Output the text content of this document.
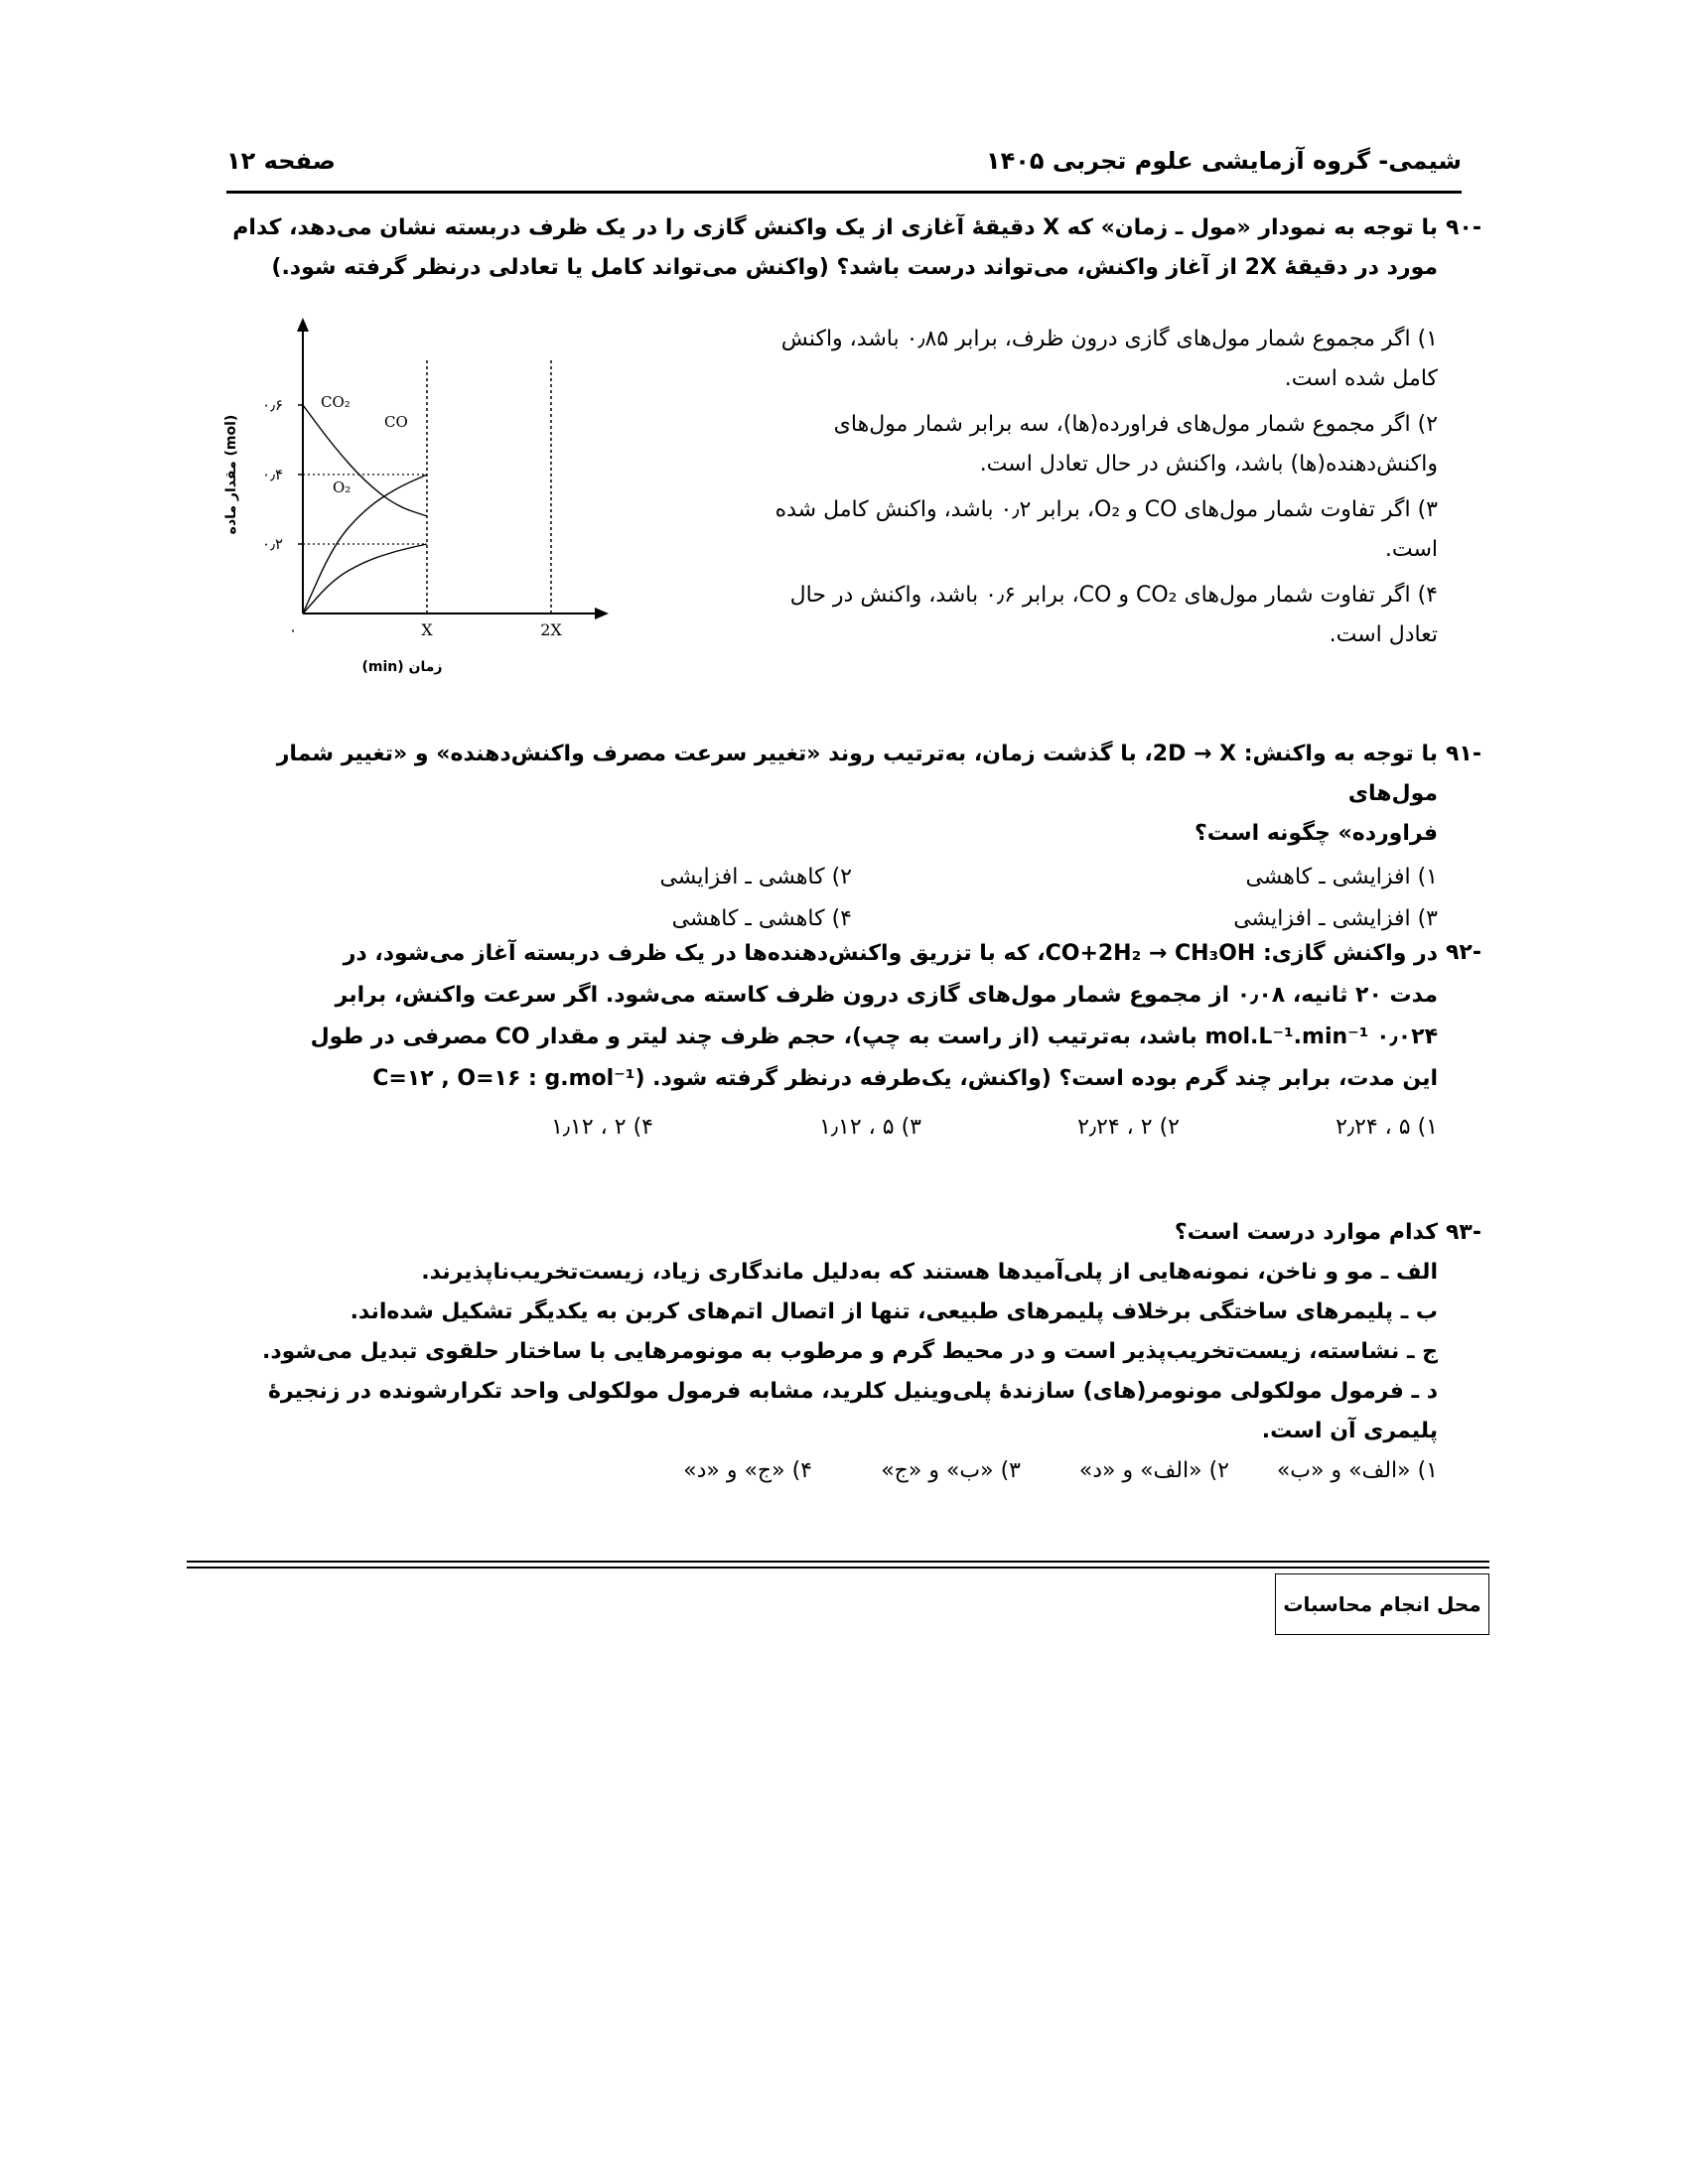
شیمی- گروه آزمایشی علوم تجربی ۱۴۰۵
صفحه ۱۲
-۹۰
با توجه به نمودار «مول ـ زمان» که X دقیقهٔ آغازی از یک واکنش گازی را در یک ظرف دربسته نشان می‌دهد، کدام
مورد در دقیقهٔ 2X از آغاز واکنش، می‌تواند درست باشد؟ (واکنش می‌تواند کامل یا تعادلی درنظر گرفته شود.)
۱) اگر مجموع شمار مول‌های گازی درون ظرف، برابر ۰٫۸۵ باشد، واکنش کامل شده است.
۲) اگر مجموع شمار مول‌های فراورده(ها)، سه برابر شمار مول‌های واکنش‌دهنده(ها) باشد، واکنش در حال تعادل است.
۳) اگر تفاوت شمار مول‌های CO و O₂، برابر ۰٫۲ باشد، واکنش کامل شده است.
۴) اگر تفاوت شمار مول‌های CO₂ و CO، برابر ۰٫۶ باشد، واکنش در حال تعادل است.
CO₂
CO
O₂
۰٫۲
۰٫۴
۰٫۶
۰	X	2X
مقدار ماده (mol)
زمان (min)
-۹۱
با توجه به واکنش: 2D → X، با گذشت زمان، به‌ترتیب روند «تغییر سرعت مصرف واکنش‌دهنده» و «تغییر شمار مول‌های
فراورده» چگونه است؟
۱) افزایشی ـ کاهشی
۲) کاهشی ـ افزایشی
۳) افزایشی ـ افزایشی
۴) کاهشی ـ کاهشی
-۹۲
در واکنش گازی: CO+2H₂ → CH₃OH، که با تزریق واکنش‌دهنده‌ها در یک ظرف دربسته آغاز می‌شود، در
مدت ۲۰ ثانیه، ۰٫۰۸ از مجموع شمار مول‌های گازی درون ظرف کاسته می‌شود. اگر سرعت واکنش، برابر
۰٫۰۲۴ mol.L⁻¹.min⁻¹ باشد، به‌ترتیب (از راست به چپ)، حجم ظرف چند لیتر و مقدار CO مصرفی در طول
این مدت، برابر چند گرم بوده است؟ (واکنش، یک‌طرفه درنظر گرفته شود. (C=۱۲ , O=۱۶ : g.mol⁻¹
۱) ۵ ، ۲٫۲۴
۲) ۲ ، ۲٫۲۴
۳) ۵ ، ۱٫۱۲
۴) ۲ ، ۱٫۱۲
-۹۳
کدام موارد درست است؟
الف ـ مو و ناخن، نمونه‌هایی از پلی‌آمیدها هستند که به‌دلیل ماندگاری زیاد، زیست‌تخریب‌ناپذیرند.
ب ـ پلیمرهای ساختگی برخلاف پلیمرهای طبیعی، تنها از اتصال اتم‌های کربن به یکدیگر تشکیل شده‌اند.
ج ـ نشاسته، زیست‌تخریب‌پذیر است و در محیط گرم و مرطوب به مونومرهایی با ساختار حلقوی تبدیل می‌شود.
د ـ فرمول مولکولی مونومر(های) سازندهٔ پلی‌وینیل کلرید، مشابه فرمول مولکولی واحد تکرارشونده در زنجیرهٔ پلیمری آن است.
۱) «الف» و «ب»
۲) «الف» و «د»
۳) «ب» و «ج»
۴) «ج» و «د»
محل انجام محاسبات
